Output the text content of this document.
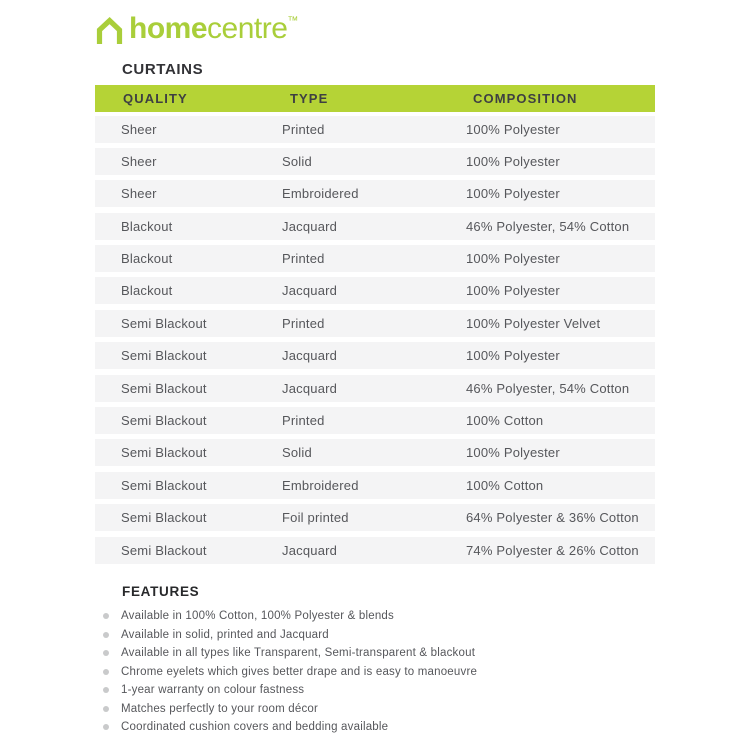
homecentre ™
CURTAINS
QUALITY	TYPE	COMPOSITION
Sheer	Printed	100% Polyester
Sheer	Solid	100% Polyester
Sheer	Embroidered	100% Polyester
Blackout	Jacquard	46% Polyester, 54% Cotton
Blackout	Printed	100% Polyester
Blackout	Jacquard	100% Polyester
Semi Blackout	Printed	100% Polyester Velvet
Semi Blackout	Jacquard	100% Polyester
Semi Blackout	Jacquard	46% Polyester, 54% Cotton
Semi Blackout	Printed	100% Cotton
Semi Blackout	Solid	100% Polyester
Semi Blackout	Embroidered	100% Cotton
Semi Blackout	Foil printed	64% Polyester & 36% Cotton
Semi Blackout	Jacquard	74% Polyester & 26% Cotton
FEATURES
Available in 100% Cotton, 100% Polyester & blends
Available in solid, printed and Jacquard
Available in all types like Transparent, Semi-transparent & blackout
Chrome eyelets which gives better drape and is easy to manoeuvre
1-year warranty on colour fastness
Matches perfectly to your room décor
Coordinated cushion covers and bedding available
